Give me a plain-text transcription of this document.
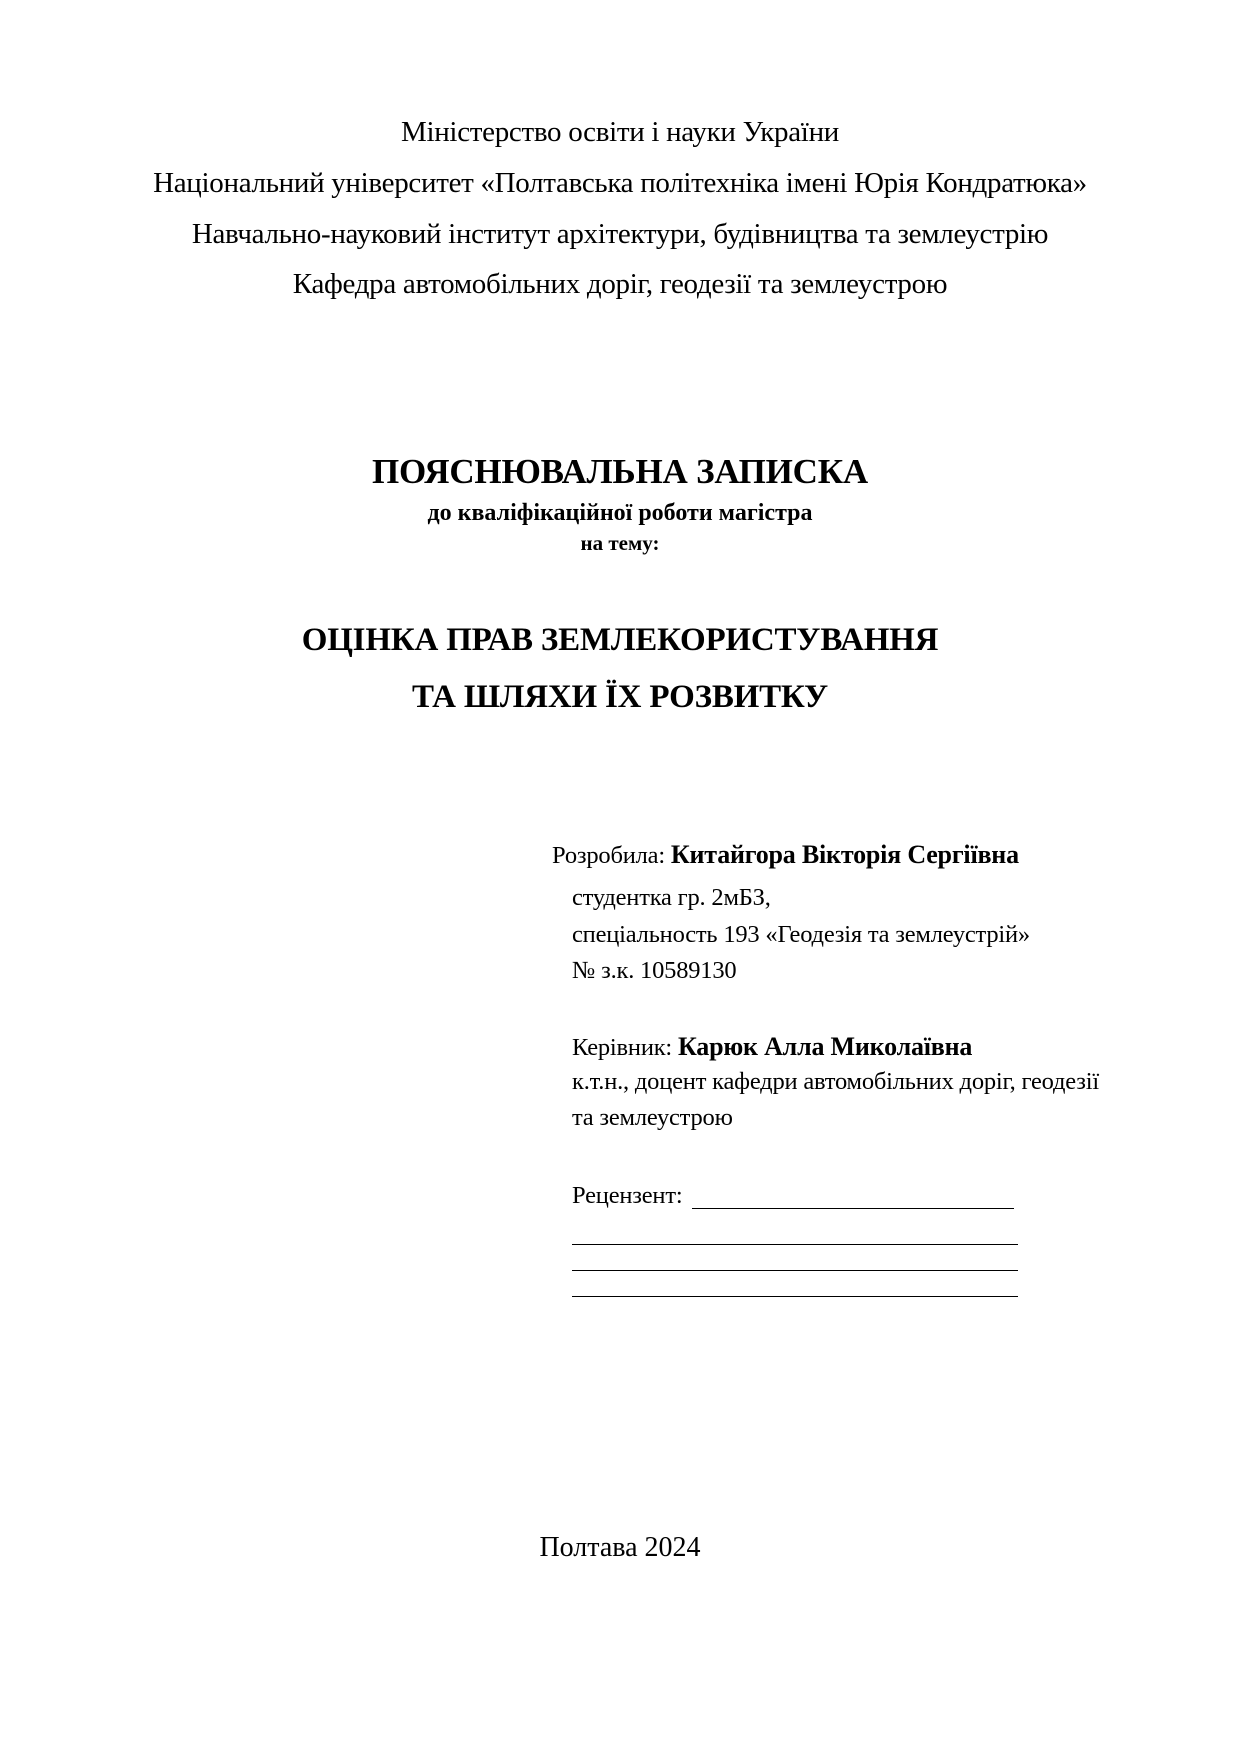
Міністерство освіти і науки України
Національний університет «Полтавська політехніка імені Юрія Кондратюка»
Навчально-науковий інститут архітектури, будівництва та землеустрію
Кафедра автомобільних доріг, геодезії та землеустрою
ПОЯСНЮВАЛЬНА ЗАПИСКА
до кваліфікаційної роботи магістра
на тему:
ОЦІНКА ПРАВ ЗЕМЛЕКОРИСТУВАННЯ
ТА ШЛЯХИ ЇХ РОЗВИТКУ
Розробила: Китайгора Вікторія Сергіївна
студентка гр. 2мБЗ,
спеціальность 193 «Геодезія та землеустрій»
№ з.к. 10589130
Керівник: Карюк Алла Миколаївна
к.т.н., доцент кафедри автомобільних доріг, геодезії
та землеустрою
Рецензент:
Полтава 2024
